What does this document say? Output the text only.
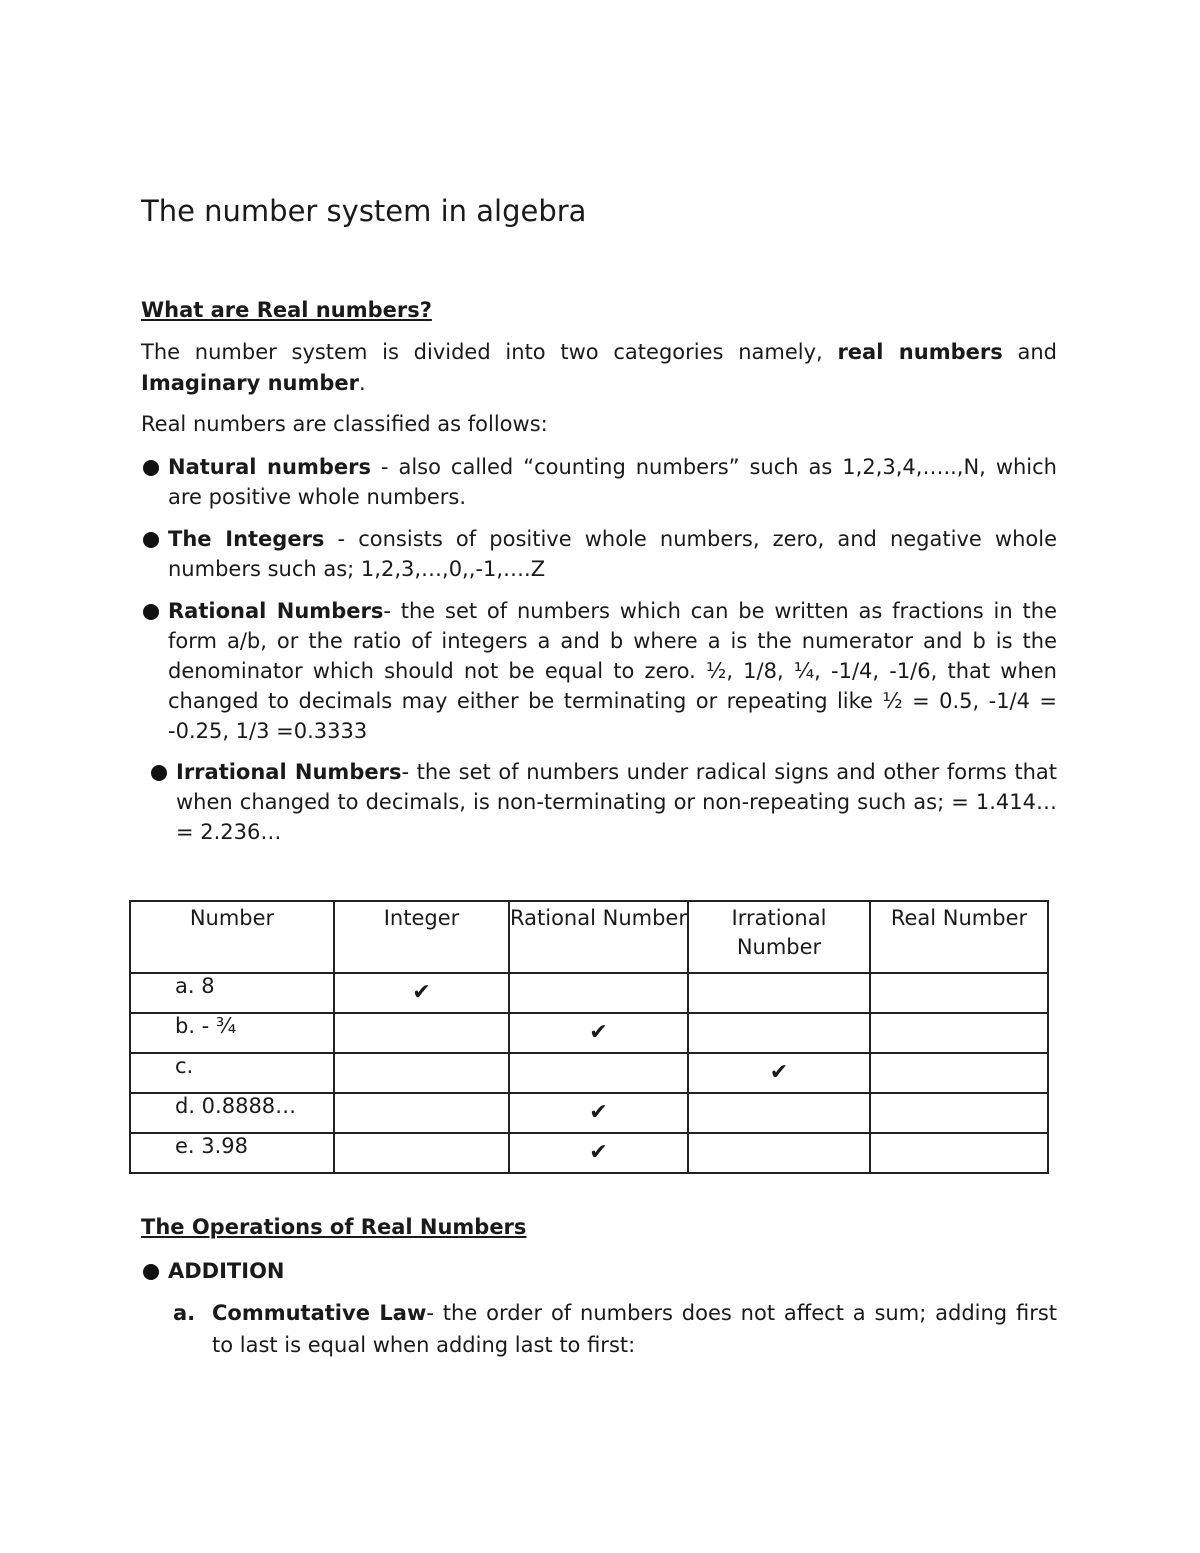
The number system in algebra

What are Real numbers?

The number system is divided into two categories namely, real numbers and Imaginary number.

Real numbers are classified as follows:

Natural numbers - also called “counting numbers” such as 1,2,3,4,…..,N, which are positive whole numbers.
The Integers - consists of positive whole numbers, zero, and negative whole numbers such as; 1,2,3,…,0,,-1,….Z
Rational Numbers- the set of numbers which can be written as fractions in the form a/b, or the ratio of integers a and b where a is the numerator and b is the denominator which should not be equal to zero. ½, 1/8, ¼, -1/4, -1/6, that when changed to decimals may either be terminating or repeating like ½ = 0.5, -1/4 = -0.25, 1/3 =0.3333
Irrational Numbers- the set of numbers under radical signs and other forms that when changed to decimals, is non-terminating or non-repeating such as; = 1.414… = 2.236…
Number	Integer	Rational Number	Irrational Number	Real Number
a. 8	✔			
b. - ¾		✔		
c.			✔	
d. 0.8888…		✔		
e. 3.98		✔		

The Operations of Real Numbers

ADDITION
a. Commutative Law- the order of numbers does not affect a sum; adding first to last is equal when adding last to first:
